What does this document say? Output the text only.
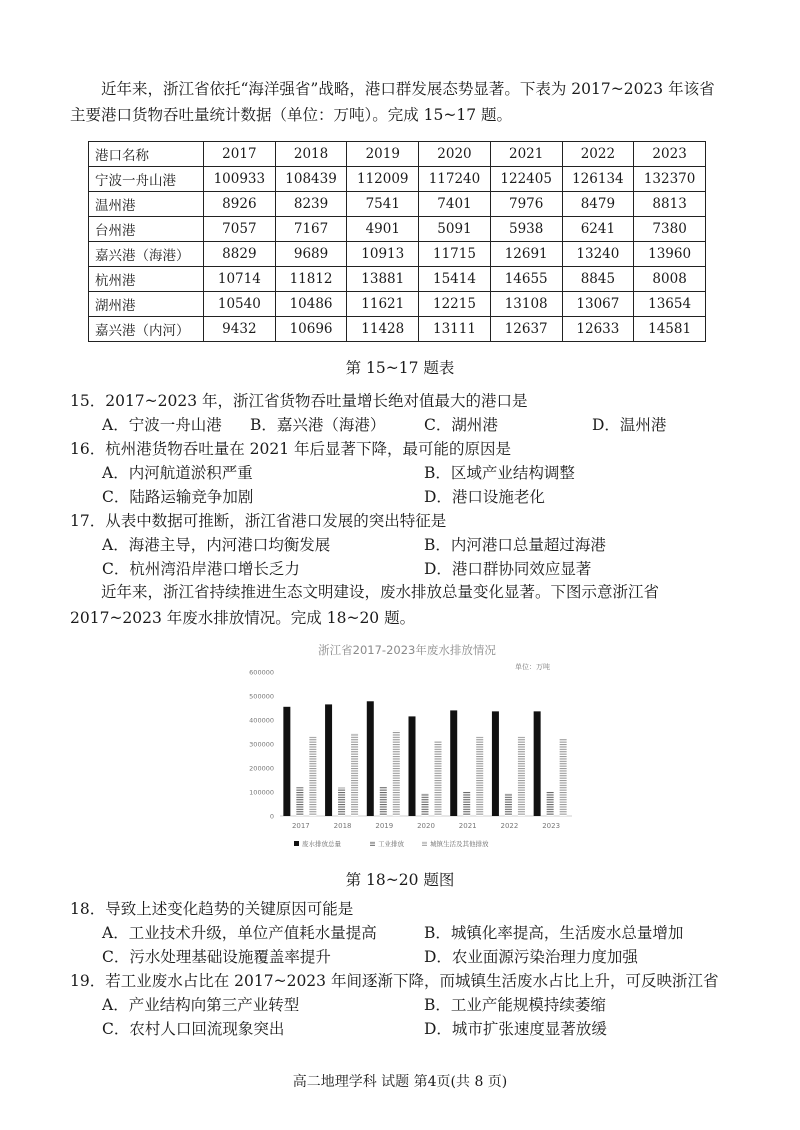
近年来，浙江省依托“海洋强省”战略，港口群发展态势显著。下表为 2017~2023 年该省主要港口货物吞吐量统计数据（单位：万吨）。完成 15~17 题。

港口名称	2017	2018	2019	2020	2021	2022	2023
宁波一舟山港	100933	108439	112009	117240	122405	126134	132370
温州港	8926	8239	7541	7401	7976	8479	8813
台州港	7057	7167	4901	5091	5938	6241	7380
嘉兴港（海港）	8829	9689	10913	11715	12691	13240	13960
杭州港	10714	11812	13881	15414	14655	8845	8008
湖州港	10540	10486	11621	12215	13108	13067	13654
嘉兴港（内河）	9432	10696	11428	13111	12637	12633	14581

第 15~17 题表

15．2017~2023 年，浙江省货物吞吐量增长绝对值最大的港口是

A．宁波一舟山港 B．嘉兴港（海港） C．湖州港	D．温州港

16．杭州港货物吞吐量在 2021 年后显著下降，最可能的原因是

A．内河航道淤积严重	B．区域产业结构调整
C．陆路运输竞争加剧	D．港口设施老化

17．从表中数据可推断，浙江省港口发展的突出特征是

A．海港主导，内河港口均衡发展	B．内河港口总量超过海港
C．杭州湾沿岸港口增长乏力	D．港口群协同效应显著

近年来，浙江省持续推进生态文明建设，废水排放总量变化显著。下图示意浙江省 2017~2023 年废水排放情况。完成 18~20 题。

浙江省2017-2023年废水排放情况
单位：万吨
0
100000
200000
300000
400000
500000
600000
2017	2018	2019	2020	2021	2022	2023
废水排放总量	工业排放	城镇生活及其他排放

第 18~20 题图

18．导致上述变化趋势的关键原因可能是

A．工业技术升级，单位产值耗水量提高	B．城镇化率提高，生活废水总量增加
C．污水处理基础设施覆盖率提升	D．农业面源污染治理力度加强

19．若工业废水占比在 2017~2023 年间逐渐下降，而城镇生活废水占比上升，可反映浙江省

A．产业结构向第三产业转型	B．工业产能规模持续萎缩
C．农村人口回流现象突出	D．城市扩张速度显著放缓

高二地理学科 试题 第4页(共 8 页)
